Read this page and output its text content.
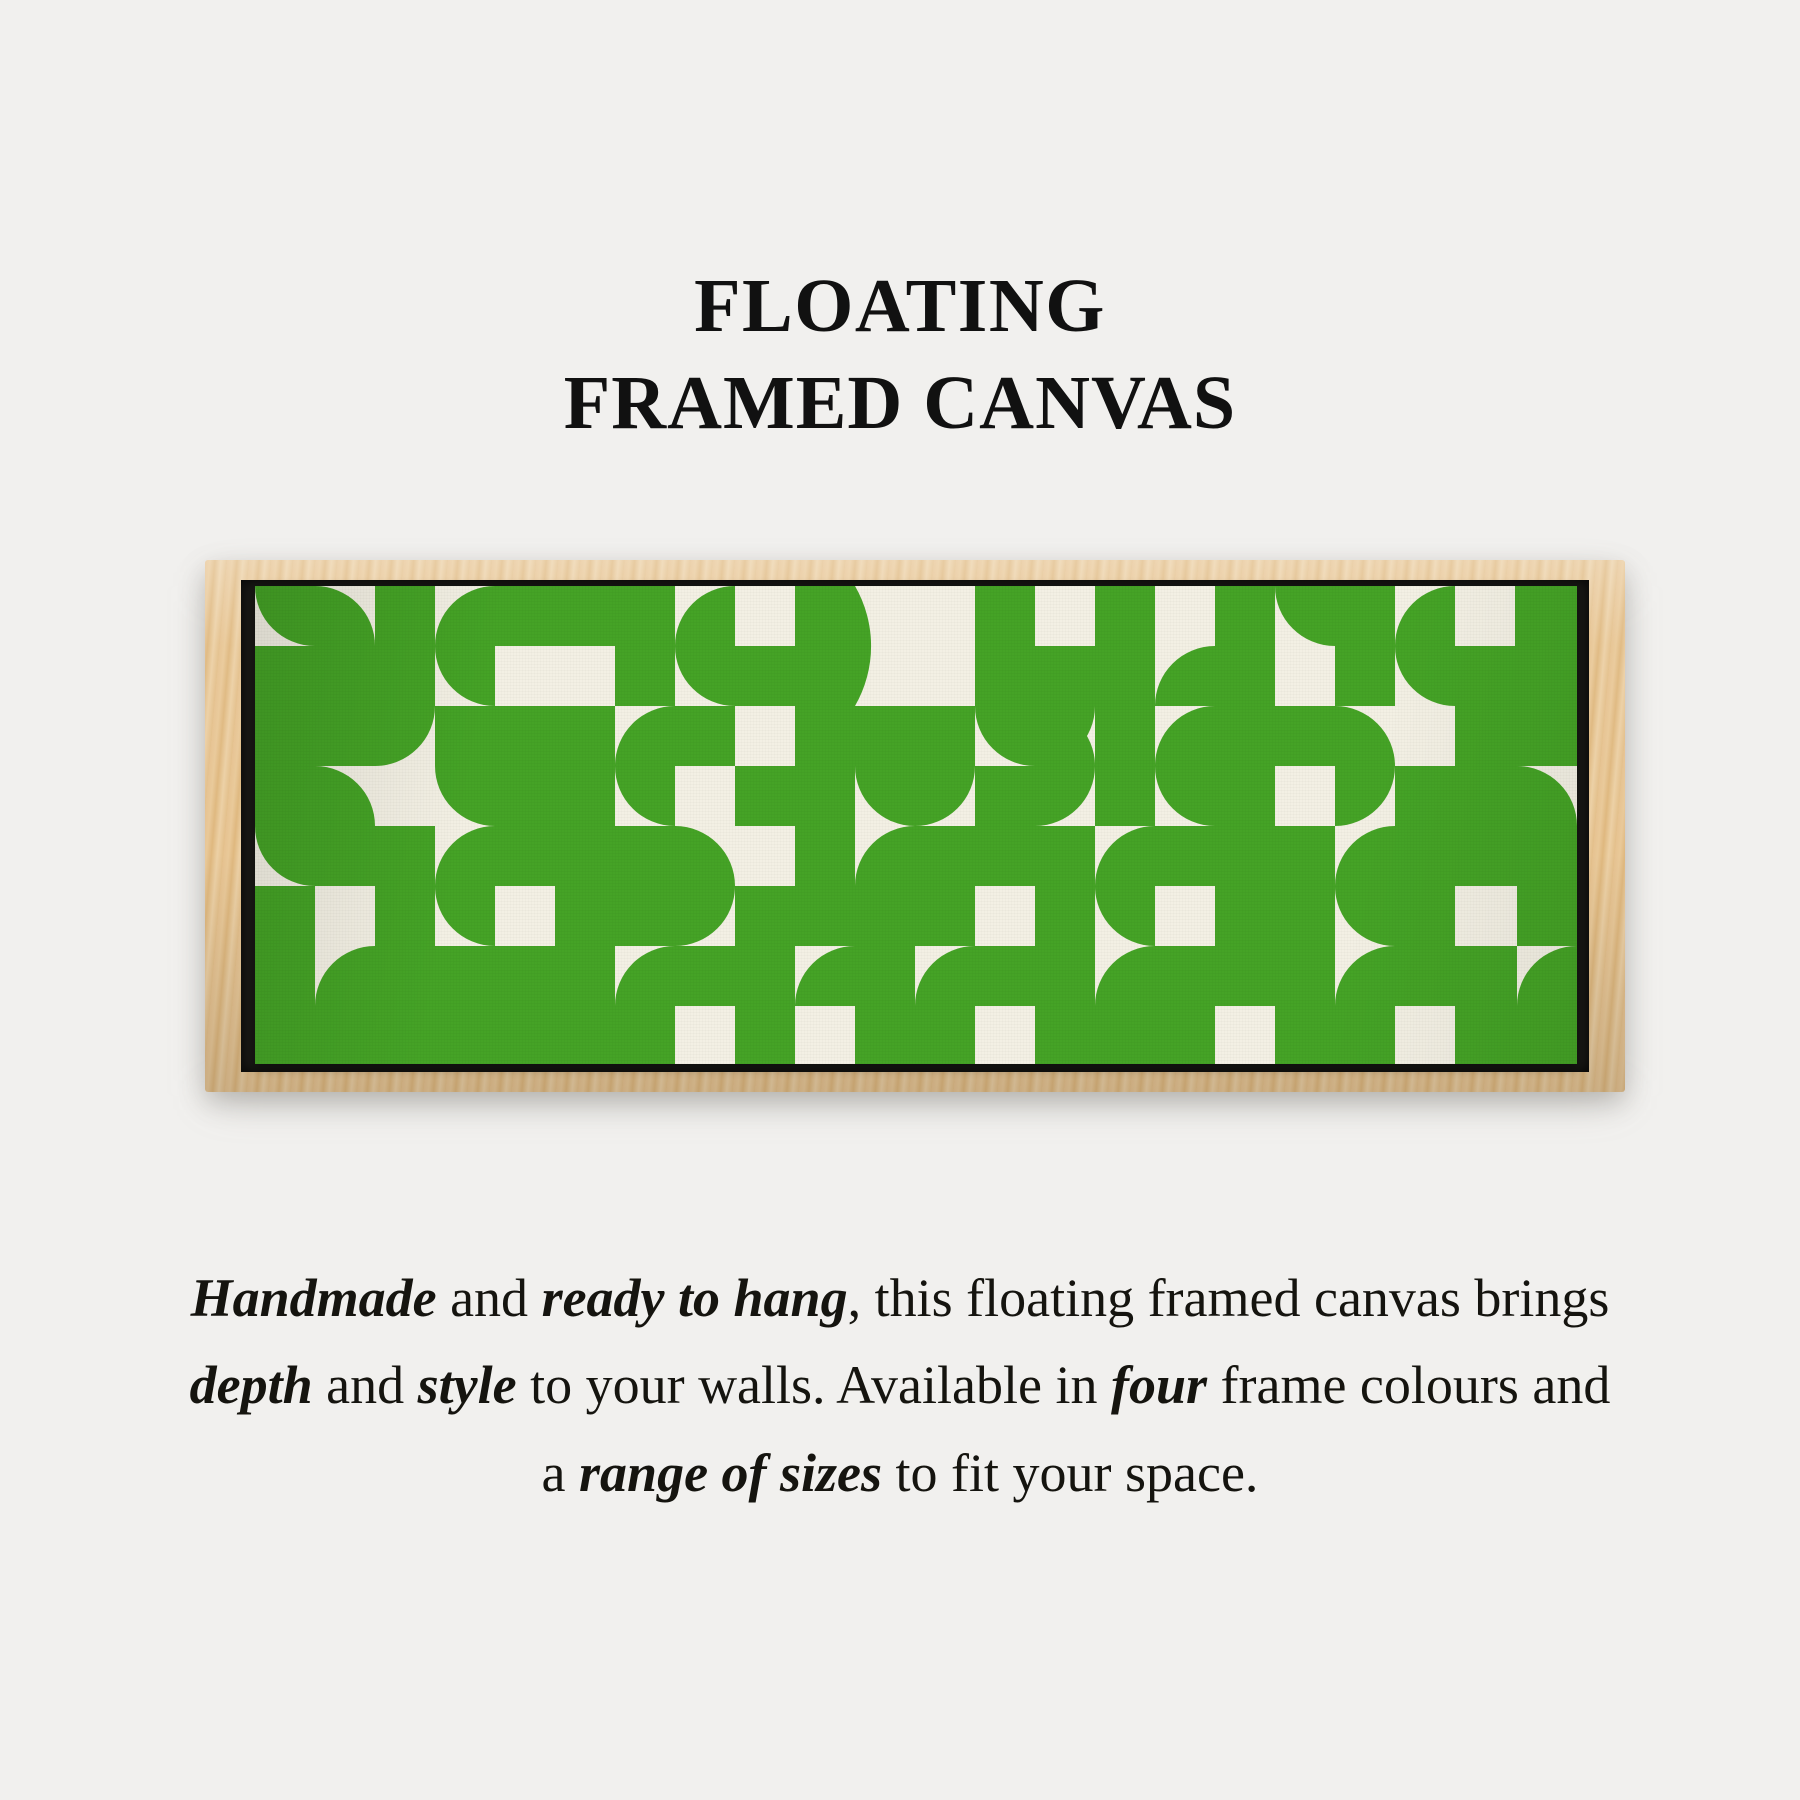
FLOATING
FRAMED CANVAS
Handmade and ready to hang, this floating framed canvas brings depth and style to your walls. Available in four frame colours and a range of sizes to fit your space.
